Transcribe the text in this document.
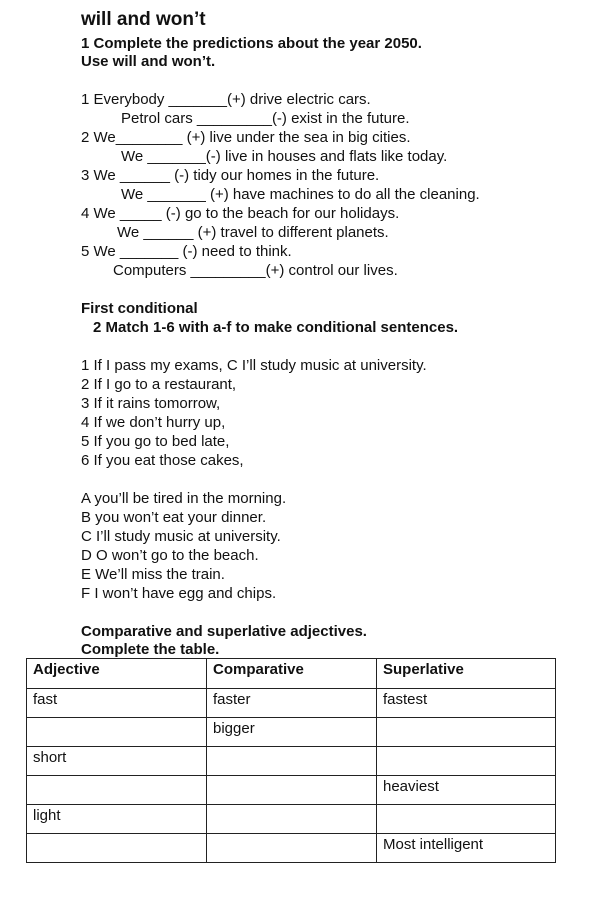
will and won’t
1 Complete the predictions about the year 2050.
Use will and won’t.
1 Everybody _______(+) drive electric cars.
Petrol cars _________(-) exist in the future.
2 We________ (+) live under the sea in big cities.
We _______(-) live in houses and flats like today.
3 We ______ (-) tidy our homes in the future.
We _______ (+) have machines to do all the cleaning.
4 We _____ (-) go to the beach for our holidays.
We ______ (+) travel to different planets.
5 We _______ (-) need to think.
Computers _________(+) control our lives.
First conditional
2 Match 1-6 with a-f to make conditional sentences.
1 If I pass my exams, C I’ll study music at university.
2 If I go to a restaurant,
3 If it rains tomorrow,
4 If we don’t hurry up,
5 If you go to bed late,
6 If you eat those cakes,
A you’ll be tired in the morning.
B you won’t eat your dinner.
C I’ll study music at university.
D O won’t go to the beach.
E We’ll miss the train.
F I won’t have egg and chips.
Comparative and superlative adjectives.
Complete the table.
Adjective	Comparative	Superlative
fast	faster	fastest
	bigger	
short		
		heaviest
light		
		Most intelligent
